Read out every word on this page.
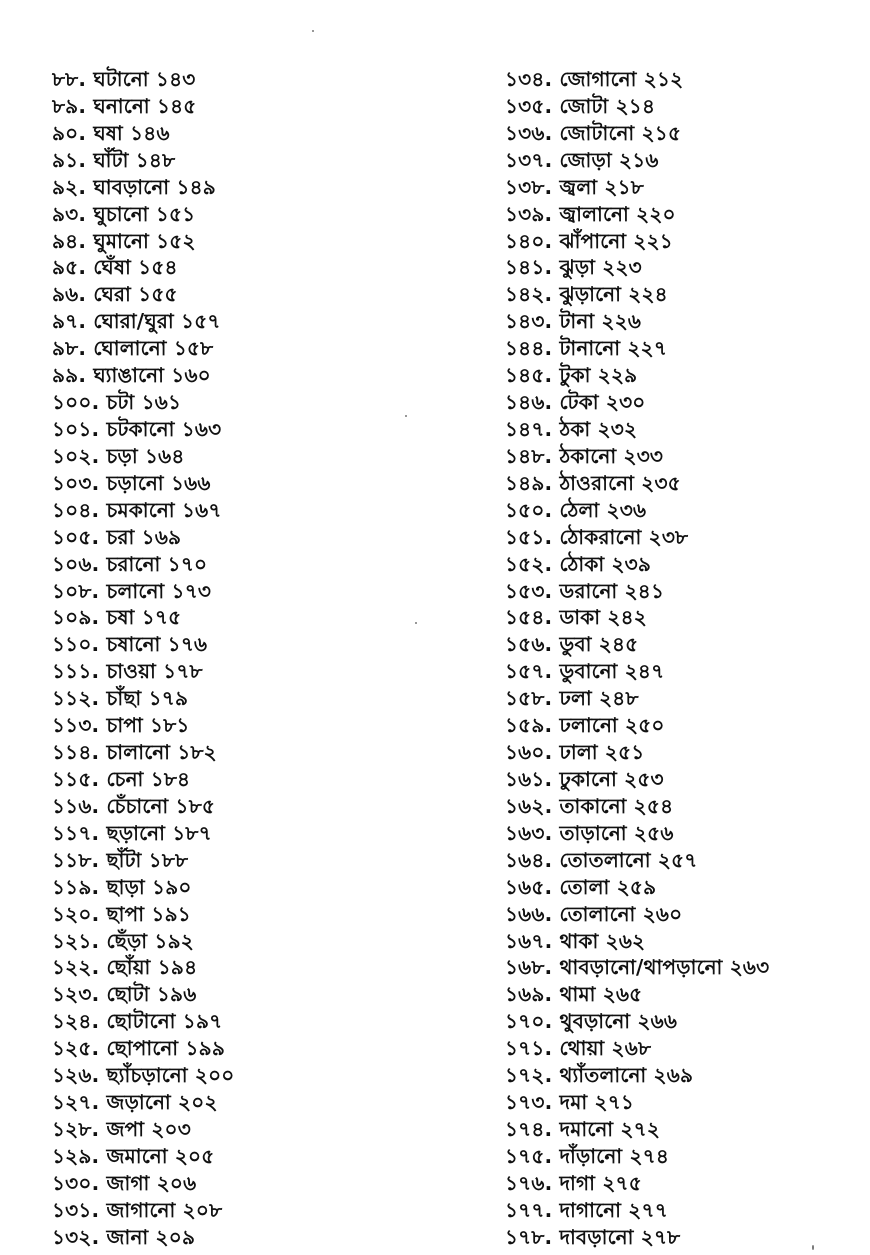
৮৮. ঘটানো ১৪৩
৮৯. ঘনানো ১৪৫
৯০. ঘষা ১৪৬
৯১. ঘাঁটা ১৪৮
৯২. ঘাবড়ানো ১৪৯
৯৩. ঘুচানো ১৫১
৯৪. ঘুমানো ১৫২
৯৫. ঘেঁষা ১৫৪
৯৬. ঘেরা ১৫৫
৯৭. ঘোরা/ঘুরা ১৫৭
৯৮. ঘোলানো ১৫৮
৯৯. ঘ্যাঙানো ১৬০
১০০. চটা ১৬১
১০১. চটকানো ১৬৩
১০২. চড়া ১৬৪
১০৩. চড়ানো ১৬৬
১০৪. চমকানো ১৬৭
১০৫. চরা ১৬৯
১০৬. চরানো ১৭০
১০৮. চলানো ১৭৩
১০৯. চষা ১৭৫
১১০. চষানো ১৭৬
১১১. চাওয়া ১৭৮
১১২. চাঁছা ১৭৯
১১৩. চাপা ১৮১
১১৪. চালানো ১৮২
১১৫. চেনা ১৮৪
১১৬. চেঁচানো ১৮৫
১১৭. ছড়ানো ১৮৭
১১৮. ছাঁটা ১৮৮
১১৯. ছাড়া ১৯০
১২০. ছাপা ১৯১
১২১. ছেঁড়া ১৯২
১২২. ছোঁয়া ১৯৪
১২৩. ছোটা ১৯৬
১২৪. ছোটানো ১৯৭
১২৫. ছোপানো ১৯৯
১২৬. ছ্যাঁচড়ানো ২০০
১২৭. জড়ানো ২০২
১২৮. জপা ২০৩
১২৯. জমানো ২০৫
১৩০. জাগা ২০৬
১৩১. জাগানো ২০৮
১৩২. জানা ২০৯
১৩৪. জোগানো ২১২
১৩৫. জোটা ২১৪
১৩৬. জোটানো ২১৫
১৩৭. জোড়া ২১৬
১৩৮. জ্বলা ২১৮
১৩৯. জ্বালানো ২২০
১৪০. ঝাঁপানো ২২১
১৪১. ঝুড়া ২২৩
১৪২. ঝুড়ানো ২২৪
১৪৩. টানা ২২৬
১৪৪. টানানো ২২৭
১৪৫. টুকা ২২৯
১৪৬. টেকা ২৩০
১৪৭. ঠকা ২৩২
১৪৮. ঠকানো ২৩৩
১৪৯. ঠাওরানো ২৩৫
১৫০. ঠেলা ২৩৬
১৫১. ঠোকরানো ২৩৮
১৫২. ঠোকা ২৩৯
১৫৩. ডরানো ২৪১
১৫৪. ডাকা ২৪২
১৫৬. ডুবা ২৪৫
১৫৭. ডুবানো ২৪৭
১৫৮. ঢলা ২৪৮
১৫৯. ঢলানো ২৫০
১৬০. ঢালা ২৫১
১৬১. ঢুকানো ২৫৩
১৬২. তাকানো ২৫৪
১৬৩. তাড়ানো ২৫৬
১৬৪. তোতলানো ২৫৭
১৬৫. তোলা ২৫৯
১৬৬. তোলানো ২৬০
১৬৭. থাকা ২৬২
১৬৮. থাবড়ানো/থাপড়ানো ২৬৩
১৬৯. থামা ২৬৫
১৭০. থুবড়ানো ২৬৬
১৭১. থোয়া ২৬৮
১৭২. থ্যাঁতলানো ২৬৯
১৭৩. দমা ২৭১
১৭৪. দমানো ২৭২
১৭৫. দাঁড়ানো ২৭৪
১৭৬. দাগা ২৭৫
১৭৭. দাগানো ২৭৭
১৭৮. দাবড়ানো ২৭৮
